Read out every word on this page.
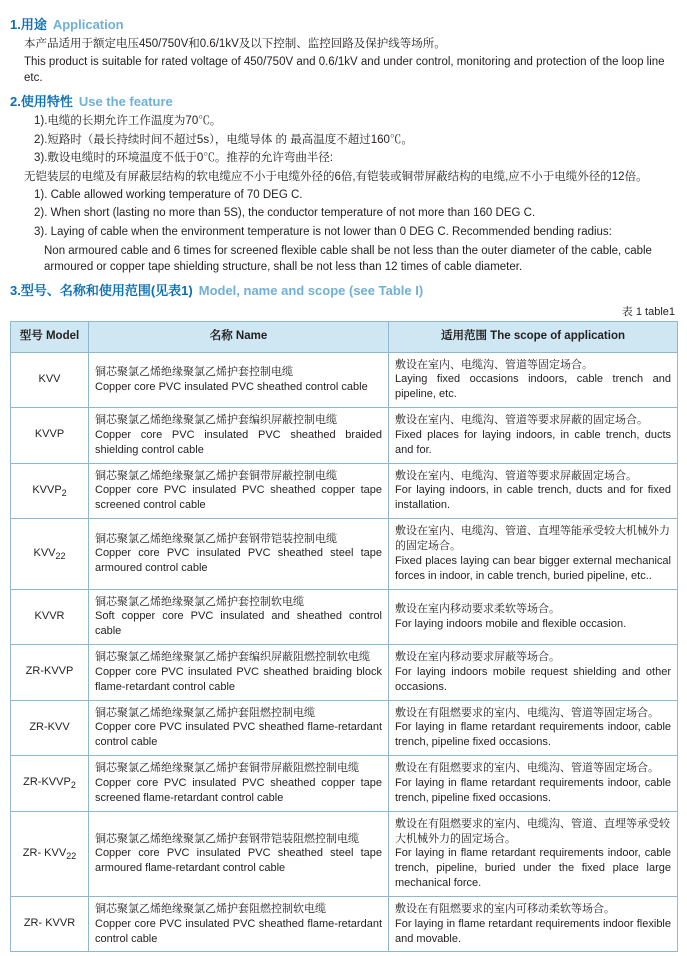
1.用途 Application

本产品适用于额定电压450/750V和0.6/1kV及以下控制、监控回路及保护线等场所。

This product is suitable for rated voltage of 450/750V and 0.6/1kV and under control, monitoring and protection of the loop line etc.

2.使用特性 Use the feature

1).电缆的长期允许工作温度为70℃。

2).短路时（最长持续时间不超过5s），电缆导体 的 最高温度不超过160℃。

3).敷设电缆时的环境温度不低于0℃。推荐的允许弯曲半径:

无铠装层的电缆及有屏蔽层结构的软电缆应不小于电缆外径的6倍,有铠装或铜带屏蔽结构的电缆,应不小于电缆外径的12倍。

1). Cable allowed working temperature of 70 DEG C.

2). When short (lasting no more than 5S), the conductor temperature of not more than 160 DEG C.

3). Laying of cable when the environment temperature is not lower than 0 DEG C. Recommended bending radius:

Non armoured cable and 6 times for screened flexible cable shall be not less than the outer diameter of the cable, cable armoured or copper tape shielding structure, shall be not less than 12 times of cable diameter.

3.型号、名称和使用范围(见表1) Model, name and scope (see Table I)
表 1 table1
型号 Model	名称 Name	适用范围 The scope of application
KVV	铜芯聚氯乙烯绝缘聚氯乙烯护套控制电缆
Copper core PVC insulated PVC sheathed control cable	敷设在室内、电缆沟、管道等固定场合。
Laying fixed occasions indoors, cable trench and pipeline, etc.

KVVP	铜芯聚氯乙烯绝缘聚氯乙烯护套编织屏蔽控制电缆
Copper core PVC insulated PVC sheathed braided shielding control cable	敷设在室内、电缆沟、管道等要求屏蔽的固定场合。
Fixed places for laying indoors, in cable trench, ducts and for.

$KVVP_2$	铜芯聚氯乙烯绝缘聚氯乙烯护套铜带屏蔽控制电缆
Copper core PVC insulated PVC sheathed copper tape screened control cable	敷设在室内、电缆沟、管道等要求屏蔽固定场合。
For laying indoors, in cable trench, ducts and for fixed installation.

$KVV_{22}$	铜芯聚氯乙烯绝缘聚氯乙烯护套钢带铠装控制电缆
Copper core PVC insulated PVC sheathed steel tape armoured control cable	敷设在室内、电缆沟、管道、直埋等能承受较大机械外力的固定场合。
Fixed places laying can bear bigger external mechanical forces in indoor, in cable trench, buried pipeline, etc..

KVVR	铜芯聚氯乙烯绝缘聚氯乙烯护套控制软电缆
Soft copper core PVC insulated and sheathed control cable	敷设在室内移动要求柔软等场合。
For laying indoors mobile and flexible occasion.

ZR-KVVP	铜芯聚氯乙烯绝缘聚氯乙烯护套编织屏蔽阻燃控制软电缆
Copper core PVC insulated PVC sheathed braiding block flame-retardant control cable	敷设在室内移动要求屏蔽等场合。
For laying indoors mobile request shielding and other occasions.

ZR-KVV	铜芯聚氯乙烯绝缘聚氯乙烯护套阻燃控制电缆
Copper core PVC insulated PVC sheathed flame-retardant control cable	敷设在有阻燃要求的室内、电缆沟、管道等固定场合。
For laying in flame retardant requirements indoor, cable trench, pipeline fixed occasions.

$ZR-KVVP_2$	铜芯聚氯乙烯绝缘聚氯乙烯护套铜带屏蔽阻燃控制电缆
Copper core PVC insulated PVC sheathed copper tape screened flame-retardant control cable	敷设在有阻燃要求的室内、电缆沟、管道等固定场合。
For laying in flame retardant requirements indoor, cable trench, pipeline fixed occasions.

ZR- $KVV_{22}$	铜芯聚氯乙烯绝缘聚氯乙烯护套钢带铠装阻燃控制电缆
Copper core PVC insulated PVC sheathed steel tape armoured flame-retardant control cable	敷设在有阻燃要求的室内、电缆沟、管道、直埋等承受较大机械外力的固定场合。
For laying in flame retardant requirements indoor, cable trench, pipeline, buried under the fixed place large mechanical force.

ZR- KVVR	铜芯聚氯乙烯绝缘聚氯乙烯护套阻燃控制软电缆
Copper core PVC insulated PVC sheathed flame-retardant control cable	敷设在有阻燃要求的室内可移动柔软等场合。
For laying in flame retardant requirements indoor flexible and movable.
